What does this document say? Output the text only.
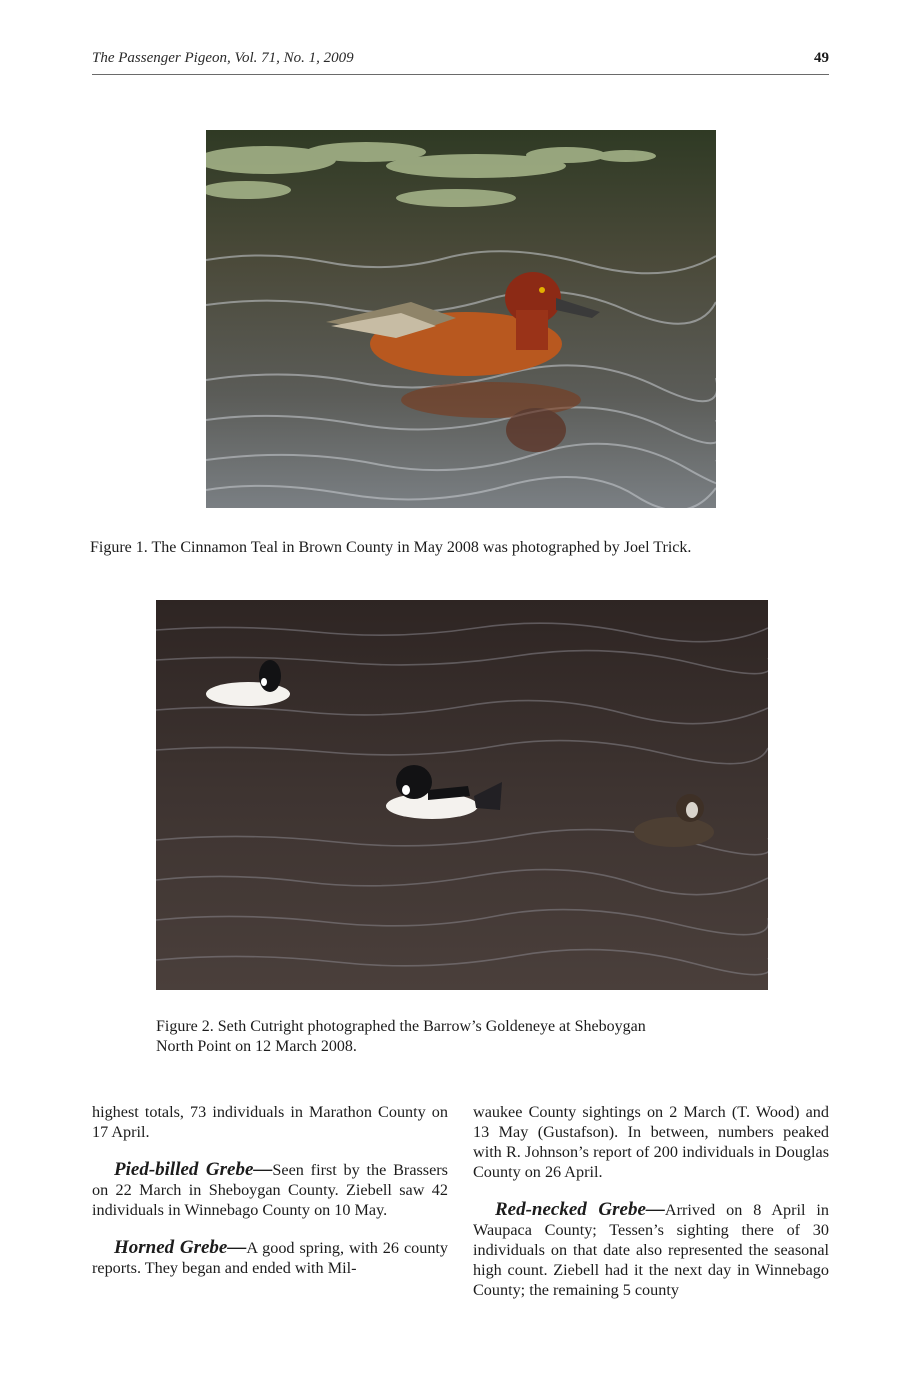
The Passenger Pigeon, Vol. 71, No. 1, 2009	49
Figure 1. The Cinnamon Teal in Brown County in May 2008 was photographed by Joel Trick.
Figure 2. Seth Cutright photographed the Barrow’s Goldeneye at Sheboygan
North Point on 12 March 2008.

highest totals, 73 individuals in Marathon County on 17 April.

Pied-billed Grebe—Seen first by the Brassers on 22 March in Sheboygan County. Ziebell saw 42 individuals in Winnebago County on 10 May.

Horned Grebe—A good spring, with 26 county reports. They began and ended with Mil-

waukee County sightings on 2 March (T. Wood) and 13 May (Gustafson). In between, numbers peaked with R. Johnson’s report of 200 individuals in Douglas County on 26 April.

Red-necked Grebe—Arrived on 8 April in Waupaca County; Tessen’s sighting there of 30 individuals on that date also represented the seasonal high count. Ziebell had it the next day in Winnebago County; the remaining 5 county
